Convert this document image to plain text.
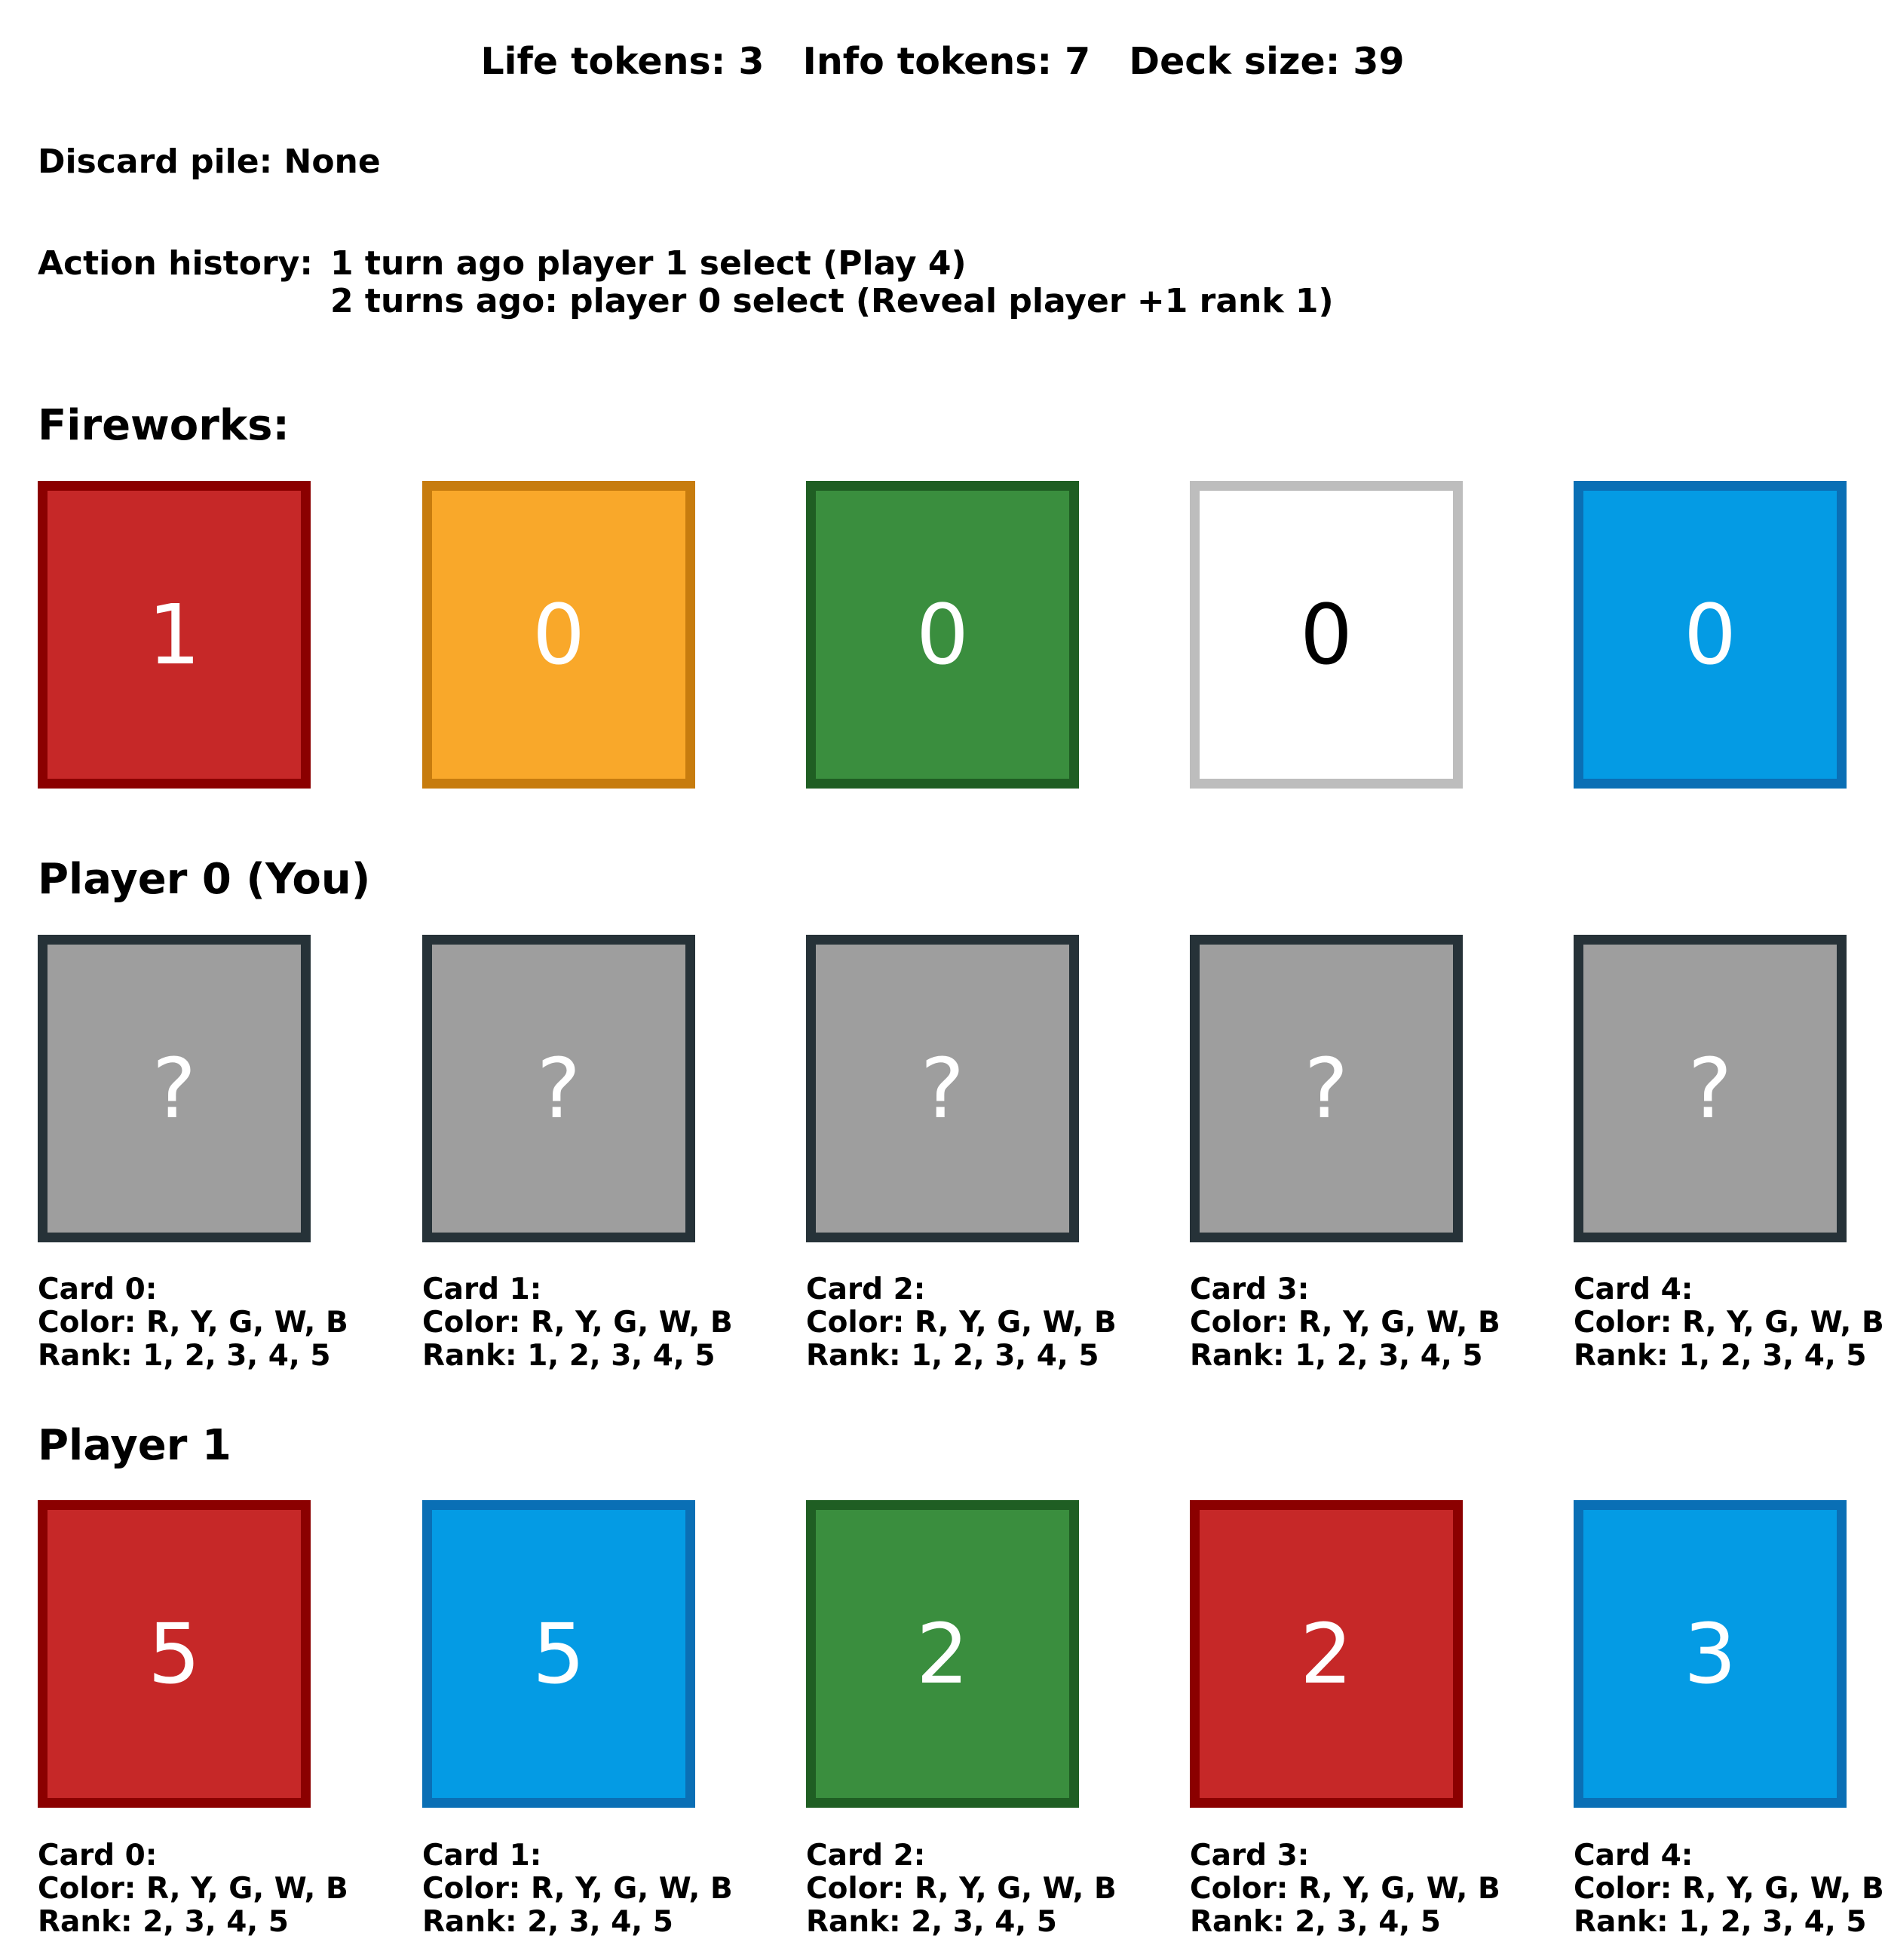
Life tokens: 3 Info tokens: 7 Deck size: 39
Discard pile: None
Action history: 1 turn ago player 1 select (Play 4)
2 turns ago: player 0 select (Reveal player +1 rank 1)
Fireworks:
1	0	0	0	0
Player 0 (You)
?	?	?	?	?
Card 0:
Color: R, Y, G, W, B
Rank: 1, 2, 3, 4, 5
Card 1:
Color: R, Y, G, W, B
Rank: 1, 2, 3, 4, 5
Card 2:
Color: R, Y, G, W, B
Rank: 1, 2, 3, 4, 5
Card 3:
Color: R, Y, G, W, B
Rank: 1, 2, 3, 4, 5
Card 4:
Color: R, Y, G, W, B
Rank: 1, 2, 3, 4, 5
Player 1
5	5	2	2	3
Card 0:
Color: R, Y, G, W, B
Rank: 2, 3, 4, 5
Card 1:
Color: R, Y, G, W, B
Rank: 2, 3, 4, 5
Card 2:
Color: R, Y, G, W, B
Rank: 2, 3, 4, 5
Card 3:
Color: R, Y, G, W, B
Rank: 2, 3, 4, 5
Card 4:
Color: R, Y, G, W, B
Rank: 1, 2, 3, 4, 5
